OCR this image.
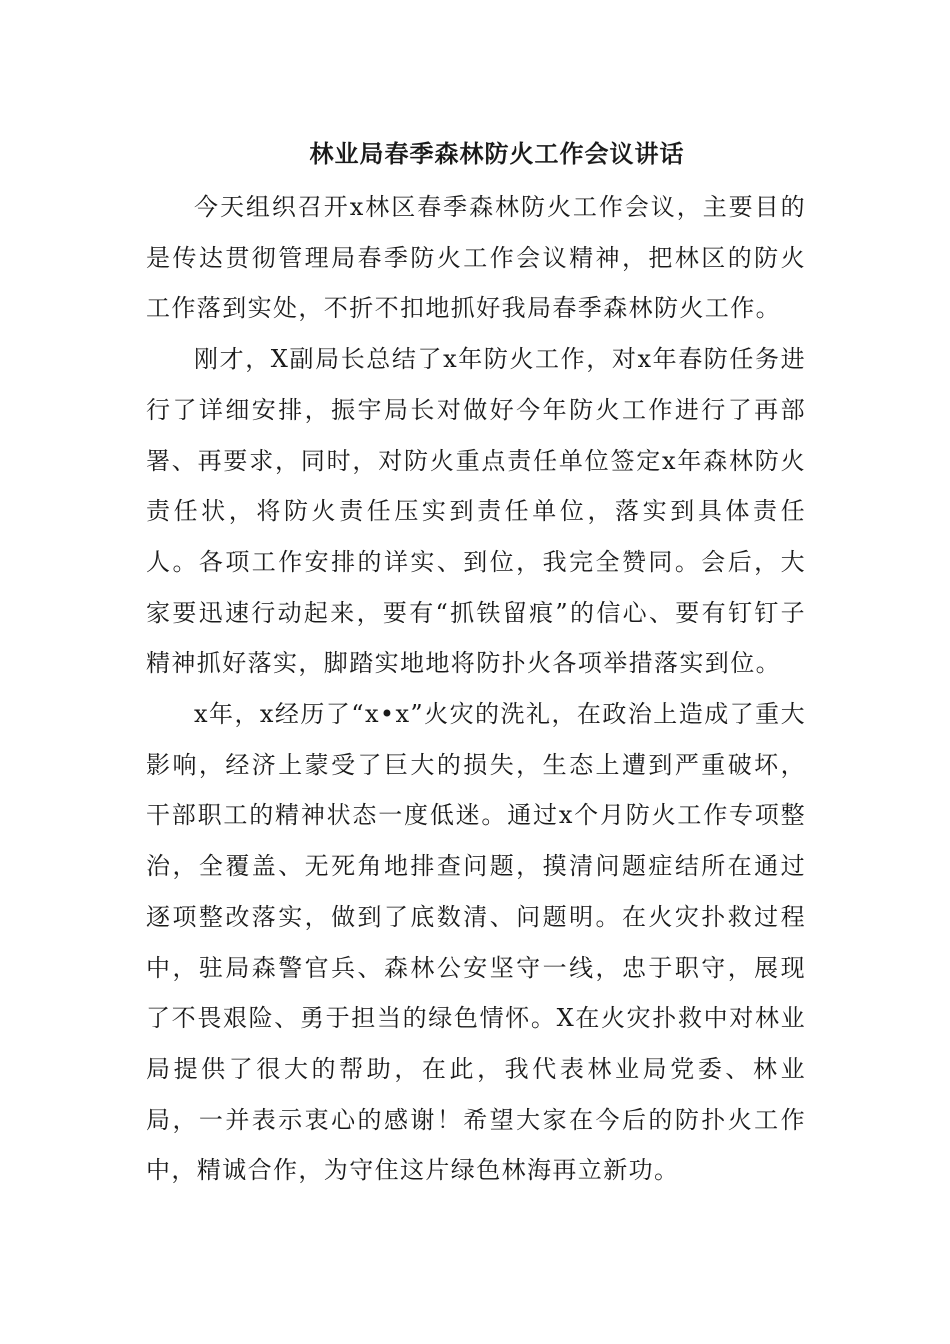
林业局春季森林防火工作会议讲话

今天组织召开x林区春季森林防火工作会议，主要目的是传达贯彻管理局春季防火工作会议精神，把林区的防火工作落到实处，不折不扣地抓好我局春季森林防火工作。

刚才，X副局长总结了x年防火工作，对x年春防任务进行了详细安排，振宇局长对做好今年防火工作进行了再部署、再要求，同时，对防火重点责任单位签定x年森林防火责任状，将防火责任压实到责任单位，落实到具体责任人。各项工作安排的详实、到位，我完全赞同。会后，大家要迅速行动起来，要有“抓铁留痕”的信心、要有钉钉子精神抓好落实，脚踏实地地将防扑火各项举措落实到位。

x年，x经历了“x•x”火灾的洗礼，在政治上造成了重大影响，经济上蒙受了巨大的损失，生态上遭到严重破坏，干部职工的精神状态一度低迷。通过x个月防火工作专项整治，全覆盖、无死角地排查问题，摸清问题症结所在通过逐项整改落实，做到了底数清、问题明。在火灾扑救过程中，驻局森警官兵、森林公安坚守一线，忠于职守，展现了不畏艰险、勇于担当的绿色情怀。X在火灾扑救中对林业局提供了很大的帮助，在此，我代表林业局党委、林业局，一并表示衷心的感谢！希望大家在今后的防扑火工作中，精诚合作，为守住这片绿色林海再立新功。
